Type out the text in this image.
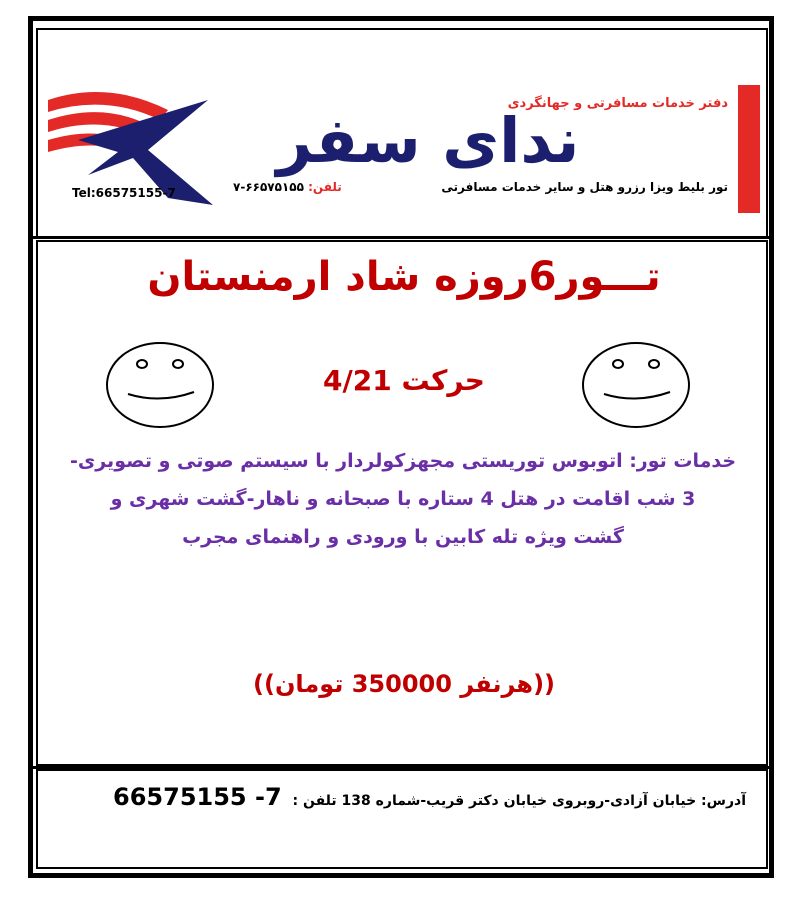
ندای سفر
دفتر خدمات مسافرتی و جهانگردی
تور بلیط ویزا رزرو هتل و سایر خدمات مسافرتی
تلفن: ۶۶۵۷۵۱۵۵-۷
Tel:66575155-7
تـــور6روزه شاد ارمنستان
حرکت 4/21
خدمات تور: اتوبوس توریستی مجهزکولردار با سیستم صوتی و تصویری-
3 شب اقامت در هتل 4 ستاره با صبحانه و ناهار-گشت شهری و
گشت ویژه تله کابین با ورودی و راهنمای مجرب
((هرنفر 350000 تومان))
آدرس: خیابان آزادی-روبروی خیابان دکتر قریب-شماره 138 تلفن : 7- 66575155
